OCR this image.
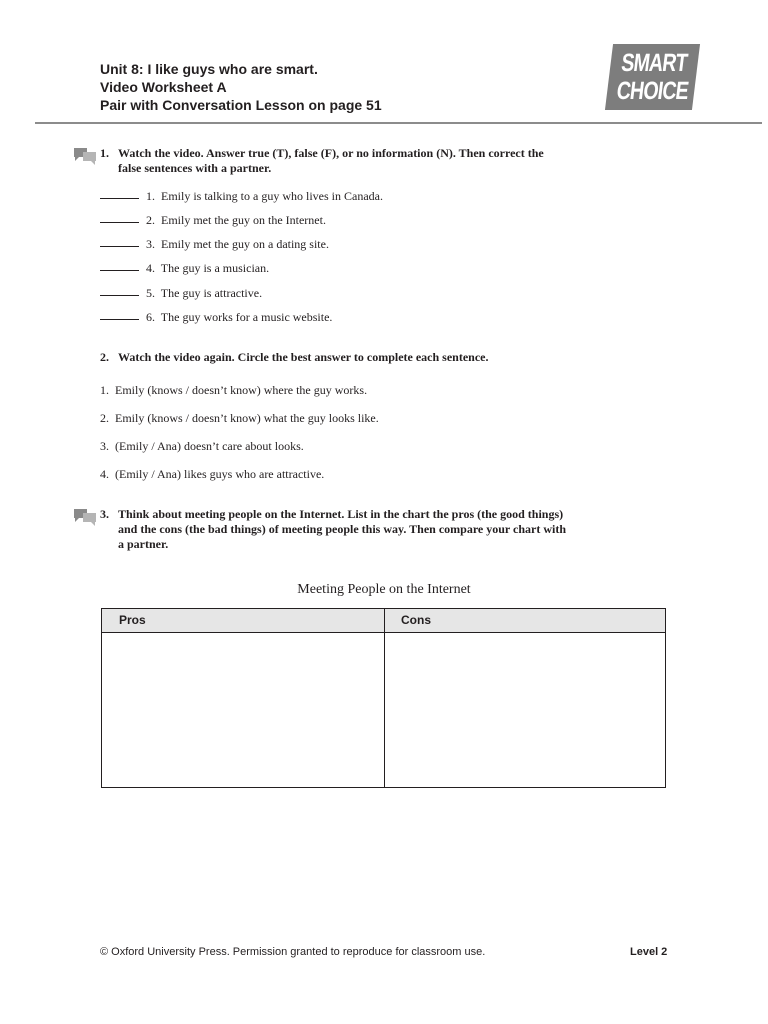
Unit 8: I like guys who are smart.
Video Worksheet A
Pair with Conversation Lesson on page 51
SMART
CHOICE
1. Watch the video. Answer true (T), false (F), or no information (N). Then correct the false sentences with a partner.
1. Emily is talking to a guy who lives in Canada.
2. Emily met the guy on the Internet.
3. Emily met the guy on a dating site.
4. The guy is a musician.
5. The guy is attractive.
6. The guy works for a music website.
2. Watch the video again. Circle the best answer to complete each sentence.
1. Emily (knows / doesn’t know) where the guy works.
2. Emily (knows / doesn’t know) what the guy looks like.
3. (Emily / Ana) doesn’t care about looks.
4. (Emily / Ana) likes guys who are attractive.
3. Think about meeting people on the Internet. List in the chart the pros (the good things) and the cons (the bad things) of meeting people this way. Then compare your chart with a partner.
Meeting People on the Internet
Pros	Cons
© Oxford University Press. Permission granted to reproduce for classroom use.	Level 2
